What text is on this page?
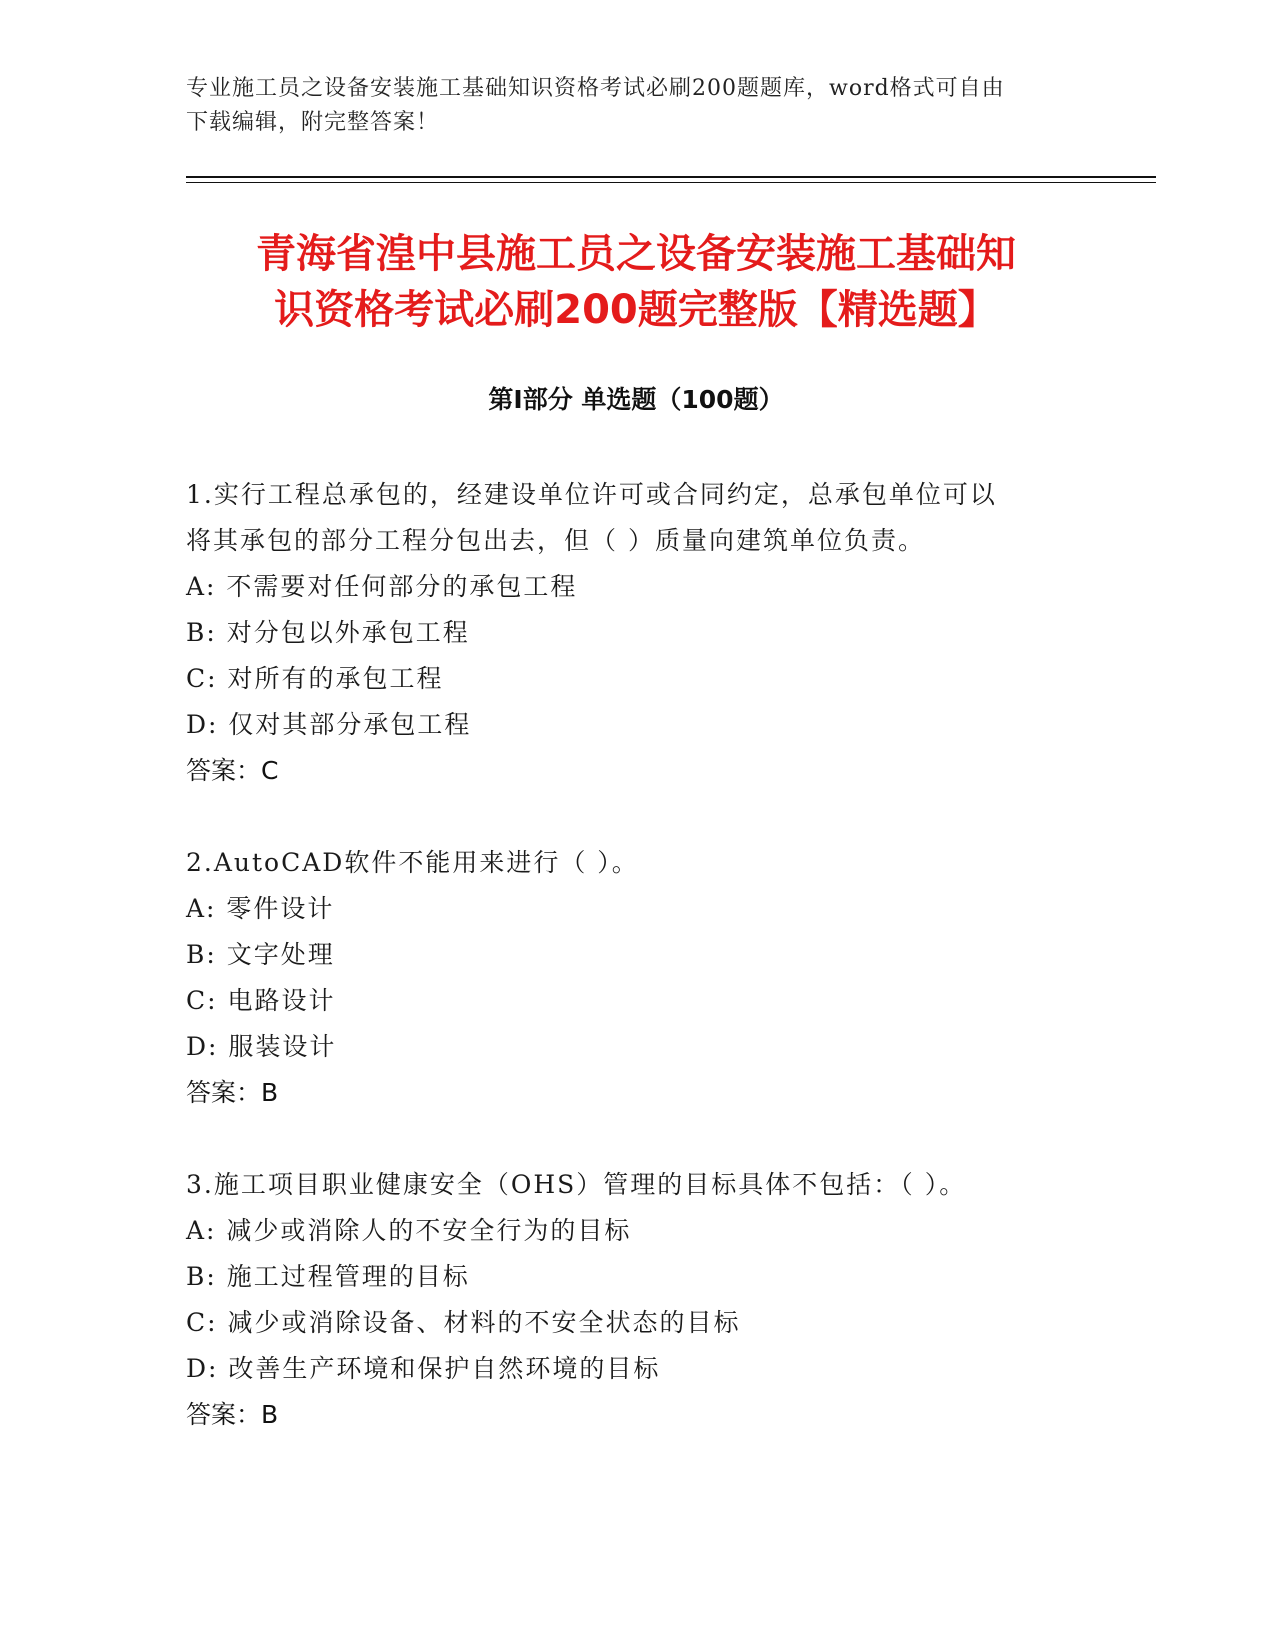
专业施工员之设备安装施工基础知识资格考试必刷200题题库，word格式可自由
下载编辑，附完整答案！
青海省湟中县施工员之设备安装施工基础知
识资格考试必刷200题完整版【精选题】
第I部分 单选题（100题）

1.实行工程总承包的，经建设单位许可或合同约定，总承包单位可以

将其承包的部分工程分包出去，但（ ）质量向建筑单位负责。

A: 不需要对任何部分的承包工程

B: 对分包以外承包工程

C: 对所有的承包工程

D: 仅对其部分承包工程

答案：C

2.AutoCAD软件不能用来进行（ ）。

A: 零件设计

B: 文字处理

C: 电路设计

D: 服装设计

答案：B

3.施工项目职业健康安全（OHS）管理的目标具体不包括：（ ）。

A: 减少或消除人的不安全行为的目标

B: 施工过程管理的目标

C: 减少或消除设备、材料的不安全状态的目标

D: 改善生产环境和保护自然环境的目标

答案：B
